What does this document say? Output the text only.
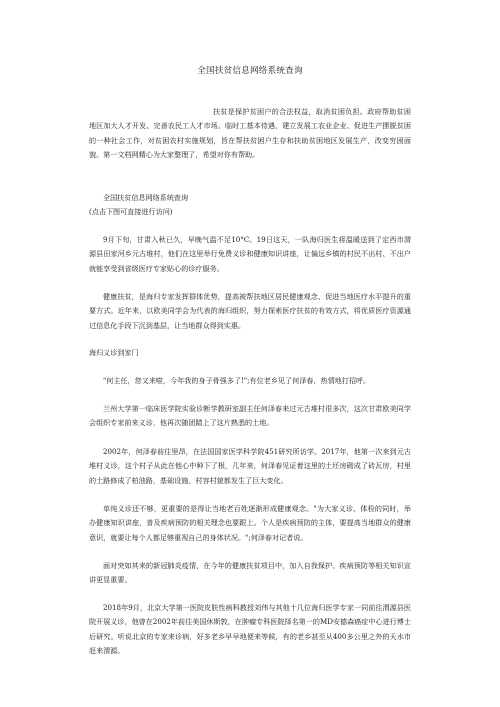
全国扶贫信息网络系统查询
扶贫是保护贫困户的合法权益，取消贫困负担。政府帮助贫困地区加大人才开发、完善农民工人才市场。临时工基本待遇，建立发展工农业企业、促进生产摆脱贫困的一种社会工作，对贫困农村实施规划，旨在帮扶贫困户生存和扶助贫困地区发展生产，改变穷困面貌。第一文档网精心为大家整理了，希望对你有帮助。
全国扶贫信息网络系统查询
(点击下图可直接进行访问)
9月下旬，甘肃入秋已久，早晚气温不足10°C。19日这天，一队海归医生将温暖送到了定西市渭源县田家河乡元古堆村，他们在这里举行免费义诊和健康知识讲座，让偏远乡镇的村民不出村、不出户就能享受到省级医疗专家贴心的诊疗服务。
健康扶贫，是海归专家发挥群体优势，提高被帮扶地区居民健康观念、促进当地医疗水平提升的重要方式。近年来，以欧美同学会为代表的海归组织，努力探索医疗扶贫的有效方式，将优质医疗资源通过信息化手段下沉到基层，让当地群众得到实惠。
海归义诊到家门
"何主任，您又来啦，今年我的身子骨强多了!";有位老乡见了何泽春，热情地打招呼。
兰州大学第一临床医学院实验诊断学教研室副主任何泽春来过元古堆村很多次，这次甘肃欧美同学会组织专家前来义诊，他再次随团踏上了这片熟悉的土地。
2002年，何泽春前往里昂，在法国国家医学科学院451研究所访学。2017年，他第一次来到元古堆村义诊，这个村子从此在他心中种下了根，几年来，何泽春见证着这里的土坯房砌成了砖瓦房，村里的土路修成了柏油路，基础设施、村容村貌都发生了巨大变化。
单纯义诊还不够，更重要的是得让当地老百姓逐渐形成健康观念。"为大家义诊、体检的同时，举办健康知识讲座，普及疾病预防的相关理念也要跟上。个人是疾病预防的主体，要提高当地群众的健康意识，就要让每个人都足够重视自己的身体状况。";何泽春对记者说。
面对突如其来的新冠肺炎疫情，在今年的健康扶贫项目中，加入自我保护、疾病预防等相关知识宣讲更显重要。
2018年9月，北京大学第一医院皮肤性病科教授刘伟与其他十几位海归医学专家一同前往渭源县医院开展义诊，他曾在2002年前往美国休斯敦，在肿瘤专科医院择名第一的MD安德森癌症中心进行博士后研究。听说北京的专家来诊病，好多老乡早早地便来等候，有的老乡甚至从400多公里之外的天水市赶来渭源。
